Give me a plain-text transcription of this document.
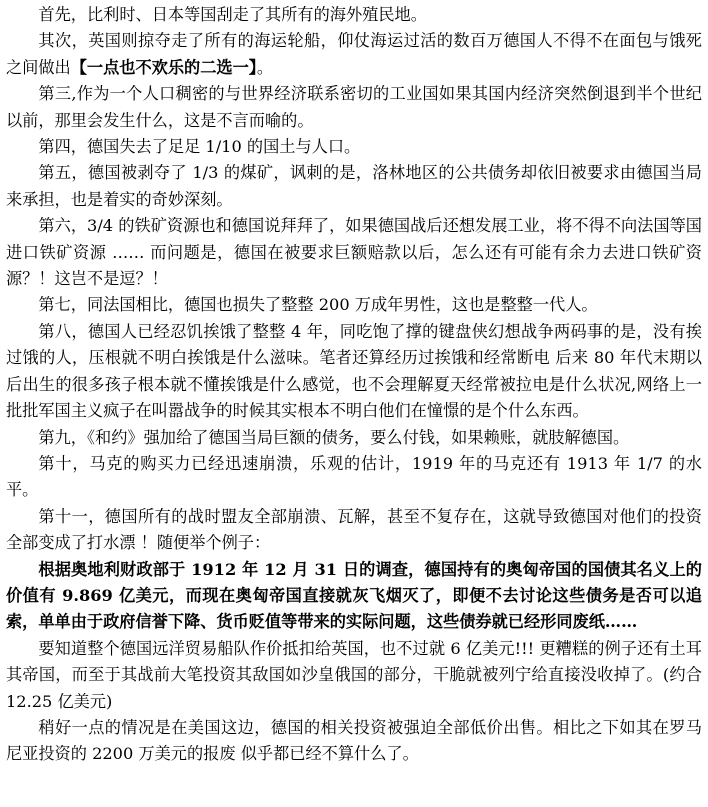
首先，比利时、日本等国刮走了其所有的海外殖民地。

其次，英国则掠夺走了所有的海运轮船，仰仗海运过活的数百万德国人不得不在面包与饿死之间做出【一点也不欢乐的二选一】。

第三,作为一个人口稠密的与世界经济联系密切的工业国如果其国内经济突然倒退到半个世纪以前，那里会发生什么，这是不言而喻的。

第四，德国失去了足足 1/10 的国土与人口。

第五，德国被剥夺了 1/3 的煤矿，讽刺的是，洛林地区的公共债务却依旧被要求由德国当局来承担，也是着实的奇妙深刻。

第六，3/4 的铁矿资源也和德国说拜拜了，如果德国战后还想发展工业，将不得不向法国等国进口铁矿资源 …… 而问题是，德国在被要求巨额赔款以后，怎么还有可能有余力去进口铁矿资源？！这岂不是逗？！

第七，同法国相比，德国也损失了整整 200 万成年男性，这也是整整一代人。

第八，德国人已经忍饥挨饿了整整 4 年，同吃饱了撑的键盘侠幻想战争两码事的是，没有挨过饿的人，压根就不明白挨饿是什么滋味。笔者还算经历过挨饿和经常断电 后来 80 年代末期以后出生的很多孩子根本就不懂挨饿是什么感觉，也不会理解夏天经常被拉电是什么状况,网络上一批批军国主义疯子在叫嚣战争的时候其实根本不明白他们在憧憬的是个什么东西。

第九，《和约》强加给了德国当局巨额的债务，要么付钱，如果赖账，就肢解德国。

第十，马克的购买力已经迅速崩溃，乐观的估计，1919 年的马克还有 1913 年 1/7 的水平。

第十一，德国所有的战时盟友全部崩溃、瓦解，甚至不复存在，这就导致德国对他们的投资全部变成了打水漂 ！随便举个例子：

根据奥地利财政部于 1912 年 12 月 31 日的调查，德国持有的奥匈帝国的国债其名义上的价值有 9.869 亿美元，而现在奥匈帝国直接就灰飞烟灭了，即便不去讨论这些债务是否可以追索，单单由于政府信誉下降、货币贬值等带来的实际问题，这些债券就已经形同废纸……

要知道整个德国远洋贸易船队作价抵扣给英国，也不过就 6 亿美元!!! 更糟糕的例子还有土耳其帝国，而至于其战前大笔投资其敌国如沙皇俄国的部分，干脆就被列宁给直接没收掉了。(约合 12.25 亿美元)

稍好一点的情况是在美国这边，德国的相关投资被强迫全部低价出售。相比之下如其在罗马尼亚投资的 2200 万美元的报废 似乎都已经不算什么了。
